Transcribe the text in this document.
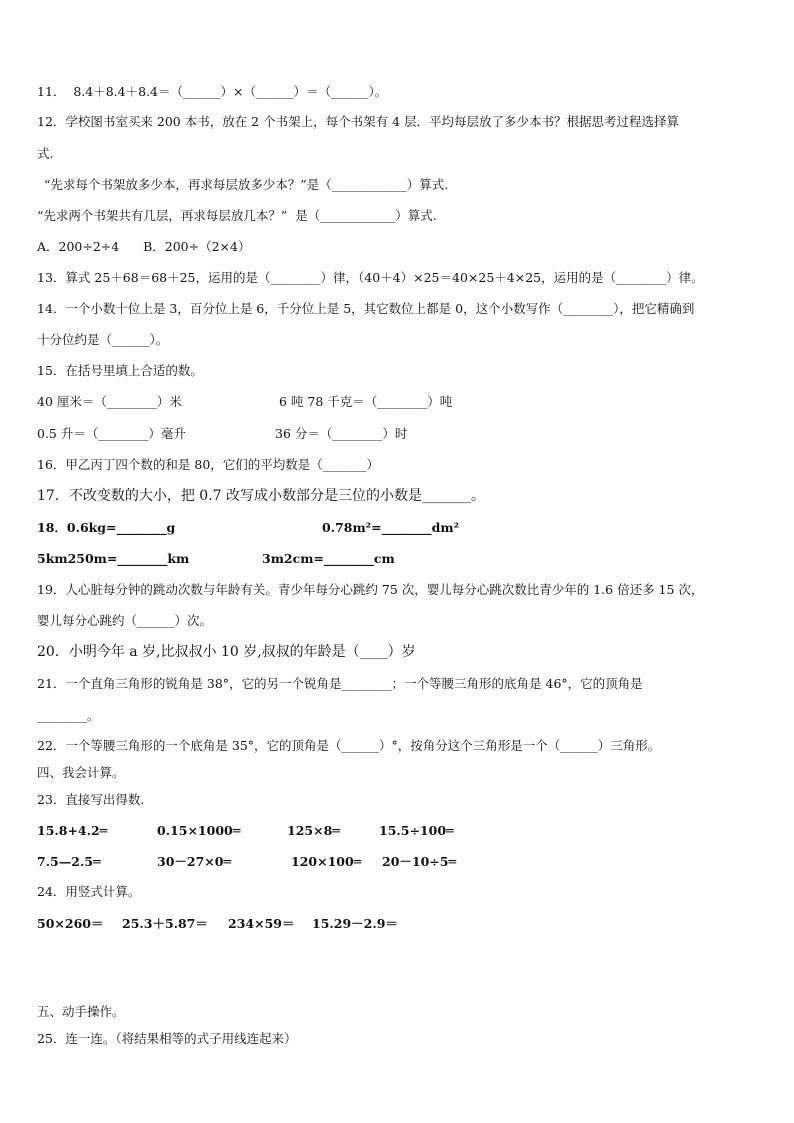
11．  8.4＋8.4＋8.4＝（______）×（______）＝（______）。
12．学校图书室买来 200 本书，放在 2 个书架上，每个书架有 4 层．平均每层放了多少本书？根据思考过程选择算
式.
“先求每个书架放多少本，再求每层放多少本？”是（____________）算式.
“先求两个书架共有几层，再求每层放几本？”  是（____________）算式.
A．200÷2÷4      B．200÷（2×4）
13．算式 25＋68＝68＋25，运用的是（________）律，（40＋4）×25＝40×25＋4×25，运用的是（________）律。
14．一个小数十位上是 3，百分位上是 6，千分位上是 5，其它数位上都是 0，这个小数写作（________），把它精确到
十分位约是（______）。
15．在括号里填上合适的数。
40 厘米＝（________）米	6 吨 78 千克＝（________）吨
0.5 升＝（________）毫升	36 分＝（________）时
16．甲乙丙丁四个数的和是 80，它们的平均数是（_______）
17．不改变数的大小，把 0.7 改写成小数部分是三位的小数是_______。
18．0.6kg=________g	0.78m²=________dm²
5km250m=________km	3m2cm=________cm
19．人心脏每分钟的跳动次数与年龄有关。青少年每分心跳约 75 次，婴儿每分心跳次数比青少年的 1.6 倍还多 15 次，
婴儿每分心跳约（______）次。
20．小明今年 a 岁,比叔叔小 10 岁,叔叔的年龄是（____）岁
21．一个直角三角形的锐角是 38°，它的另一个锐角是________；一个等腰三角形的底角是 46°，它的顶角是
________。
22．一个等腰三角形的一个底角是 35°，它的顶角是（______）°，按角分这个三角形是一个（______）三角形。
四、我会计算。
23．直接写出得数.
15.8+4.2═	0.15×1000═	125×8═	15.5÷100═
7.5—2.5═	30－27×0═	120×100═ 20－10÷5═
24．用竖式计算。
50×260＝ 25.3＋5.87＝ 234×59＝ 15.29－2.9＝
五、动手操作。
25．连一连。（将结果相等的式子用线连起来）
